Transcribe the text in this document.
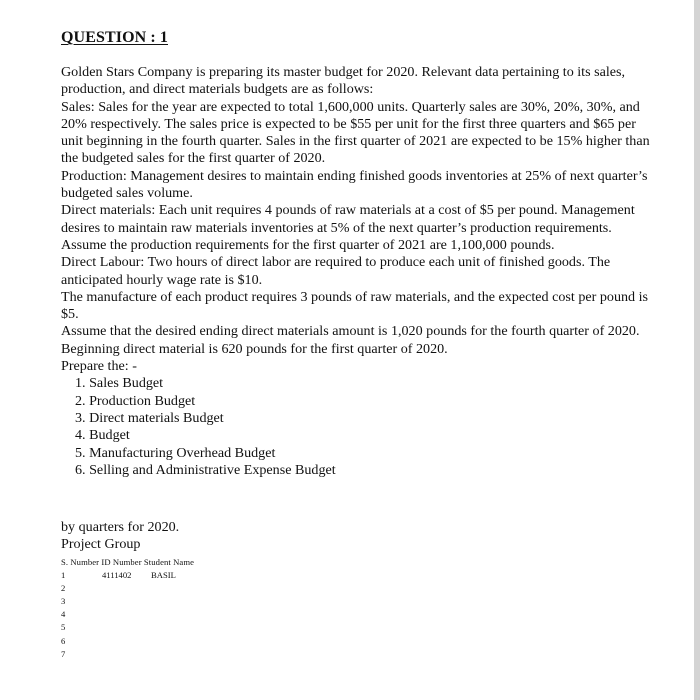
QUESTION : 1

Golden Stars Company is preparing its master budget for 2020. Relevant data pertaining to its sales, production, and direct materials budgets are as follows:

Sales: Sales for the year are expected to total 1,600,000 units. Quarterly sales are 30%, 20%, 30%, and 20% respectively. The sales price is expected to be $55 per unit for the first three quarters and $65 per unit beginning in the fourth quarter. Sales in the first quarter of 2021 are expected to be 15% higher than the budgeted sales for the first quarter of 2020.

Production: Management desires to maintain ending finished goods inventories at 25% of next quarter’s budgeted sales volume.

Direct materials: Each unit requires 4 pounds of raw materials at a cost of $5 per pound. Management desires to maintain raw materials inventories at 5% of the next quarter’s production requirements. Assume the production requirements for the first quarter of 2021 are 1,100,000 pounds.

Direct Labour: Two hours of direct labor are required to produce each unit of finished goods. The anticipated hourly wage rate is $10.

The manufacture of each product requires 3 pounds of raw materials, and the expected cost per pound is $5.

Assume that the desired ending direct materials amount is 1,020 pounds for the fourth quarter of 2020. Beginning direct material is 620 pounds for the first quarter of 2020.

Prepare the: -

1. Sales Budget
2. Production Budget
3. Direct materials Budget
4. Budget
5. Manufacturing Overhead Budget
6. Selling and Administrative Expense Budget
by quarters for 2020.
Project Group
S. Number ID Number Student Name
1	4111402	BASIL
2
3
4
5
6
7
